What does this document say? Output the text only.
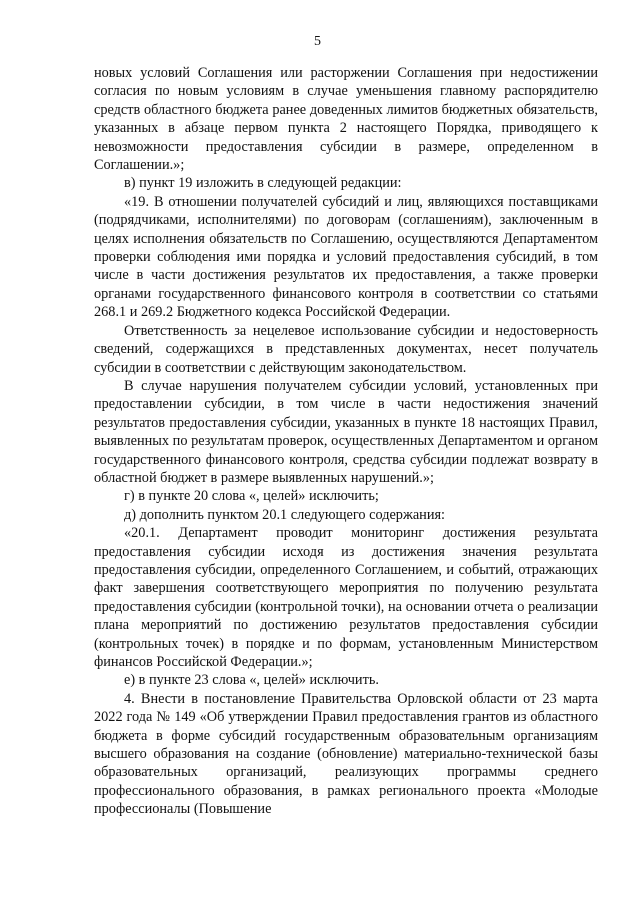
5

новых условий Соглашения или расторжении Соглашения при недостижении согласия по новым условиям в случае уменьшения главному распорядителю средств областного бюджета ранее доведенных лимитов бюджетных обязательств, указанных в абзаце первом пункта 2 настоящего Порядка, приводящего к невозможности предоставления субсидии в размере, определенном в Соглашении.»;

в) пункт 19 изложить в следующей редакции:

«19. В отношении получателей субсидий и лиц, являющихся поставщиками (подрядчиками, исполнителями) по договорам (соглашениям), заключенным в целях исполнения обязательств по Соглашению, осуществляются Департаментом проверки соблюдения ими порядка и условий предоставления субсидий, в том числе в части достижения результатов их предоставления, а также проверки органами государственного финансового контроля в соответствии со статьями 268.1 и 269.2 Бюджетного кодекса Российской Федерации.

Ответственность за нецелевое использование субсидии и недостоверность сведений, содержащихся в представленных документах, несет получатель субсидии в соответствии с действующим законодательством.

В случае нарушения получателем субсидии условий, установленных при предоставлении субсидии, в том числе в части недостижения значений результатов предоставления субсидии, указанных в пункте 18 настоящих Правил, выявленных по результатам проверок, осуществленных Департаментом и органом государственного финансового контроля, средства субсидии подлежат возврату в областной бюджет в размере выявленных нарушений.»;

г) в пункте 20 слова «, целей» исключить;

д) дополнить пунктом 20.1 следующего содержания:

«20.1. Департамент проводит мониторинг достижения результата предоставления субсидии исходя из достижения значения результата предоставления субсидии, определенного Соглашением, и событий, отражающих факт завершения соответствующего мероприятия по получению результата предоставления субсидии (контрольной точки), на основании отчета о реализации плана мероприятий по достижению результатов предоставления субсидии (контрольных точек) в порядке и по формам, установленным Министерством финансов Российской Федерации.»;

е) в пункте 23 слова «, целей» исключить.

4. Внести в постановление Правительства Орловской области от 23 марта 2022 года № 149 «Об утверждении Правил предоставления грантов из областного бюджета в форме субсидий государственным образовательным организациям высшего образования на создание (обновление) материально-технической базы образовательных организаций, реализующих программы среднего профессионального образования, в рамках регионального проекта «Молодые профессионалы (Повышение
